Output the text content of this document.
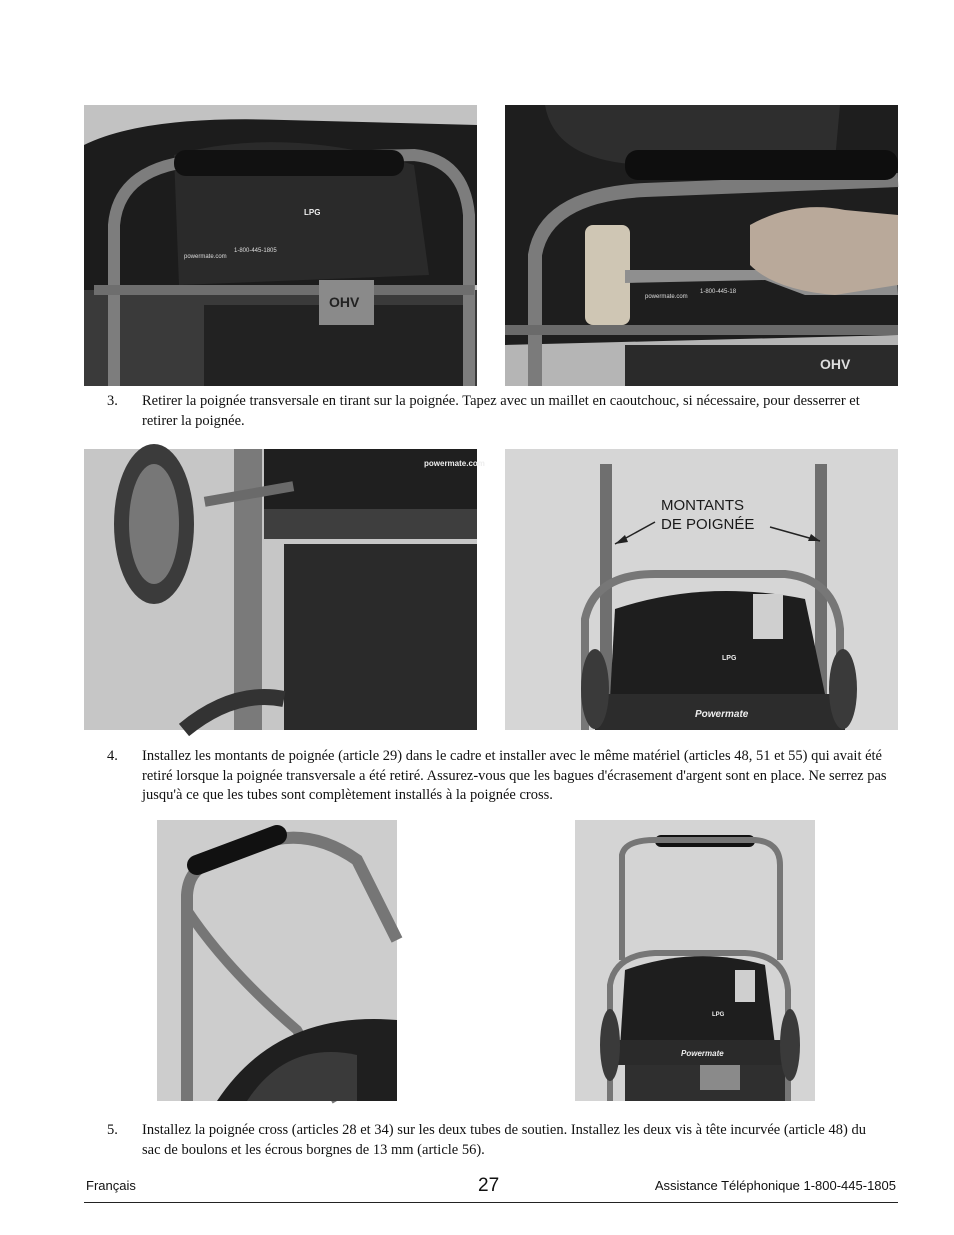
powermate.com
1-800-445-1805
LPG
OHV	powermate.com
1-800-445-18
OHV
3. Retirer la poignée transversale en tirant sur la poignée. Tapez avec un maillet en caoutchouc, si nécessaire, pour desserrer et retirer la poignée.
powermate.com
MONTANTS
DE POIGNÉE
LPG
Powermate
4. Installez les montants de poignée (article 29) dans le cadre et installer avec le même matériel (articles 48, 51 et 55) qui avait été retiré lorsque la poignée transversale a été retiré. Assurez-vous que les bagues d'écrasement d'argent sont en place. Ne serrez pas jusqu'à ce que les tubes sont complètement installés à la poignée cross.
LPG
Powermate
5. Installez la poignée cross (articles 28 et 34) sur les deux tubes de soutien. Installez les deux vis à tête incurvée (article 48) du sac de boulons et les écrous borgnes de 13 mm (article 56).
Français	27	Assistance Téléphonique 1-800-445-1805
